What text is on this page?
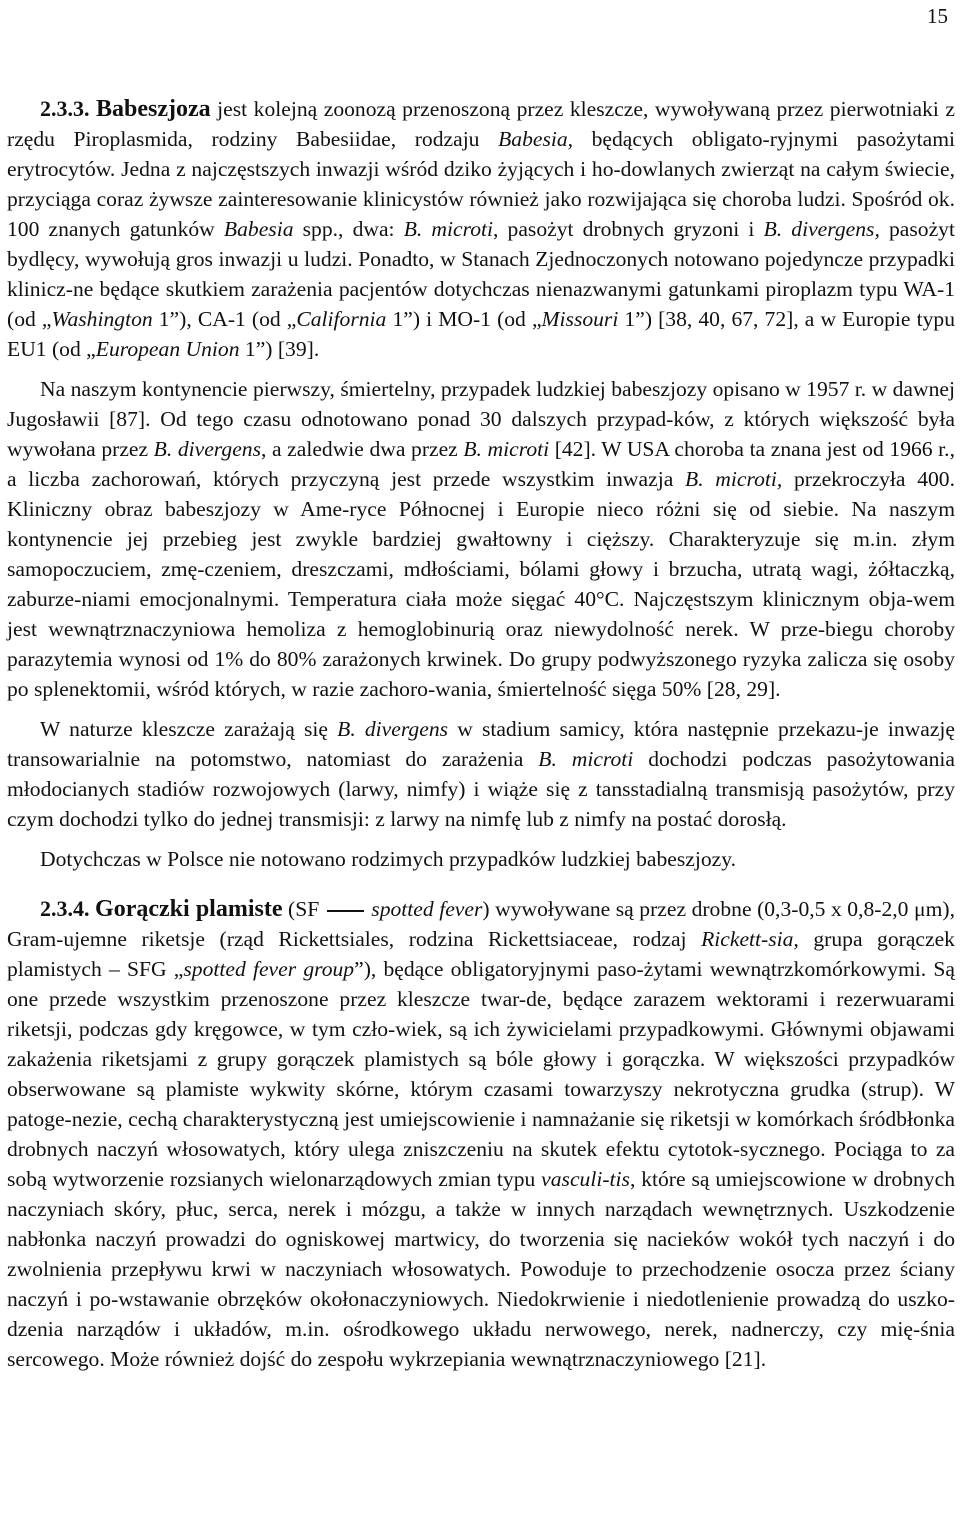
15

2.3.3. Babeszjoza jest kolejną zoonozą przenoszoną przez kleszcze, wywoływaną przez pierwotniaki z rzędu Piroplasmida, rodziny Babesiidae, rodzaju Babesia, będących obligato-ryjnymi pasożytami erytrocytów. Jedna z najczęstszych inwazji wśród dziko żyjących i ho-dowlanych zwierząt na całym świecie, przyciąga coraz żywsze zainteresowanie klinicystów również jako rozwijająca się choroba ludzi. Spośród ok. 100 znanych gatunków Babesia spp., dwa: B. microti, pasożyt drobnych gryzoni i B. divergens, pasożyt bydlęcy, wywołują gros inwazji u ludzi. Ponadto, w Stanach Zjednoczonych notowano pojedyncze przypadki klinicz-ne będące skutkiem zarażenia pacjentów dotychczas nienazwanymi gatunkami piroplazm typu WA-1 (od „Washington 1”), CA-1 (od „California 1”) i MO-1 (od „Missouri 1”) [38, 40, 67, 72], a w Europie typu EU1 (od „European Union 1”) [39].

Na naszym kontynencie pierwszy, śmiertelny, przypadek ludzkiej babeszjozy opisano w 1957 r. w dawnej Jugosławii [87]. Od tego czasu odnotowano ponad 30 dalszych przypad-ków, z których większość była wywołana przez B. divergens, a zaledwie dwa przez B. microti [42]. W USA choroba ta znana jest od 1966 r., a liczba zachorowań, których przyczyną jest przede wszystkim inwazja B. microti, przekroczyła 400. Kliniczny obraz babeszjozy w Ame-ryce Północnej i Europie nieco różni się od siebie. Na naszym kontynencie jej przebieg jest zwykle bardziej gwałtowny i cięższy. Charakteryzuje się m.in. złym samopoczuciem, zmę-czeniem, dreszczami, mdłościami, bólami głowy i brzucha, utratą wagi, żółtaczką, zaburze-niami emocjonalnymi. Temperatura ciała może sięgać 40°C. Najczęstszym klinicznym obja-wem jest wewnątrznaczyniowa hemoliza z hemoglobinurią oraz niewydolność nerek. W prze-biegu choroby parazytemia wynosi od 1% do 80% zarażonych krwinek. Do grupy podwyższonego ryzyka zalicza się osoby po splenektomii, wśród których, w razie zachoro-wania, śmiertelność sięga 50% [28, 29].

W naturze kleszcze zarażają się B. divergens w stadium samicy, która następnie przekazu-je inwazję transowarialnie na potomstwo, natomiast do zarażenia B. microti dochodzi podczas pasożytowania młodocianych stadiów rozwojowych (larwy, nimfy) i wiąże się z tansstadialną transmisją pasożytów, przy czym dochodzi tylko do jednej transmisji: z larwy na nimfę lub z nimfy na postać dorosłą.

Dotychczas w Polsce nie notowano rodzimych przypadków ludzkiej babeszjozy.

2.3.4. Gorączki plamiste (SF  spotted fever) wywoływane są przez drobne (0,3-0,5 x 0,8-2,0 μm), Gram-ujemne riketsje (rząd Rickettsiales, rodzina Rickettsiaceae, rodzaj Rickett-sia, grupa gorączek plamistych – SFG „spotted fever group”), będące obligatoryjnymi paso-żytami wewnątrzkomórkowymi. Są one przede wszystkim przenoszone przez kleszcze twar-de, będące zarazem wektorami i rezerwuarami riketsji, podczas gdy kręgowce, w tym czło-wiek, są ich żywicielami przypadkowymi. Głównymi objawami zakażenia riketsjami z grupy gorączek plamistych są bóle głowy i gorączka. W większości przypadków obserwowane są plamiste wykwity skórne, którym czasami towarzyszy nekrotyczna grudka (strup). W patoge-nezie, cechą charakterystyczną jest umiejscowienie i namnażanie się riketsji w komórkach śródbłonka drobnych naczyń włosowatych, który ulega zniszczeniu na skutek efektu cytotok-sycznego. Pociąga to za sobą wytworzenie rozsianych wielonarządowych zmian typu vasculi-tis, które są umiejscowione w drobnych naczyniach skóry, płuc, serca, nerek i mózgu, a także w innych narządach wewnętrznych. Uszkodzenie nabłonka naczyń prowadzi do ogniskowej martwicy, do tworzenia się nacieków wokół tych naczyń i do zwolnienia przepływu krwi w naczyniach włosowatych. Powoduje to przechodzenie osocza przez ściany naczyń i po-wstawanie obrzęków okołonaczyniowych. Niedokrwienie i niedotlenienie prowadzą do uszko-dzenia narządów i układów, m.in. ośrodkowego układu nerwowego, nerek, nadnerczy, czy mię-śnia sercowego. Może również dojść do zespołu wykrzepiania wewnątrznaczyniowego [21].
